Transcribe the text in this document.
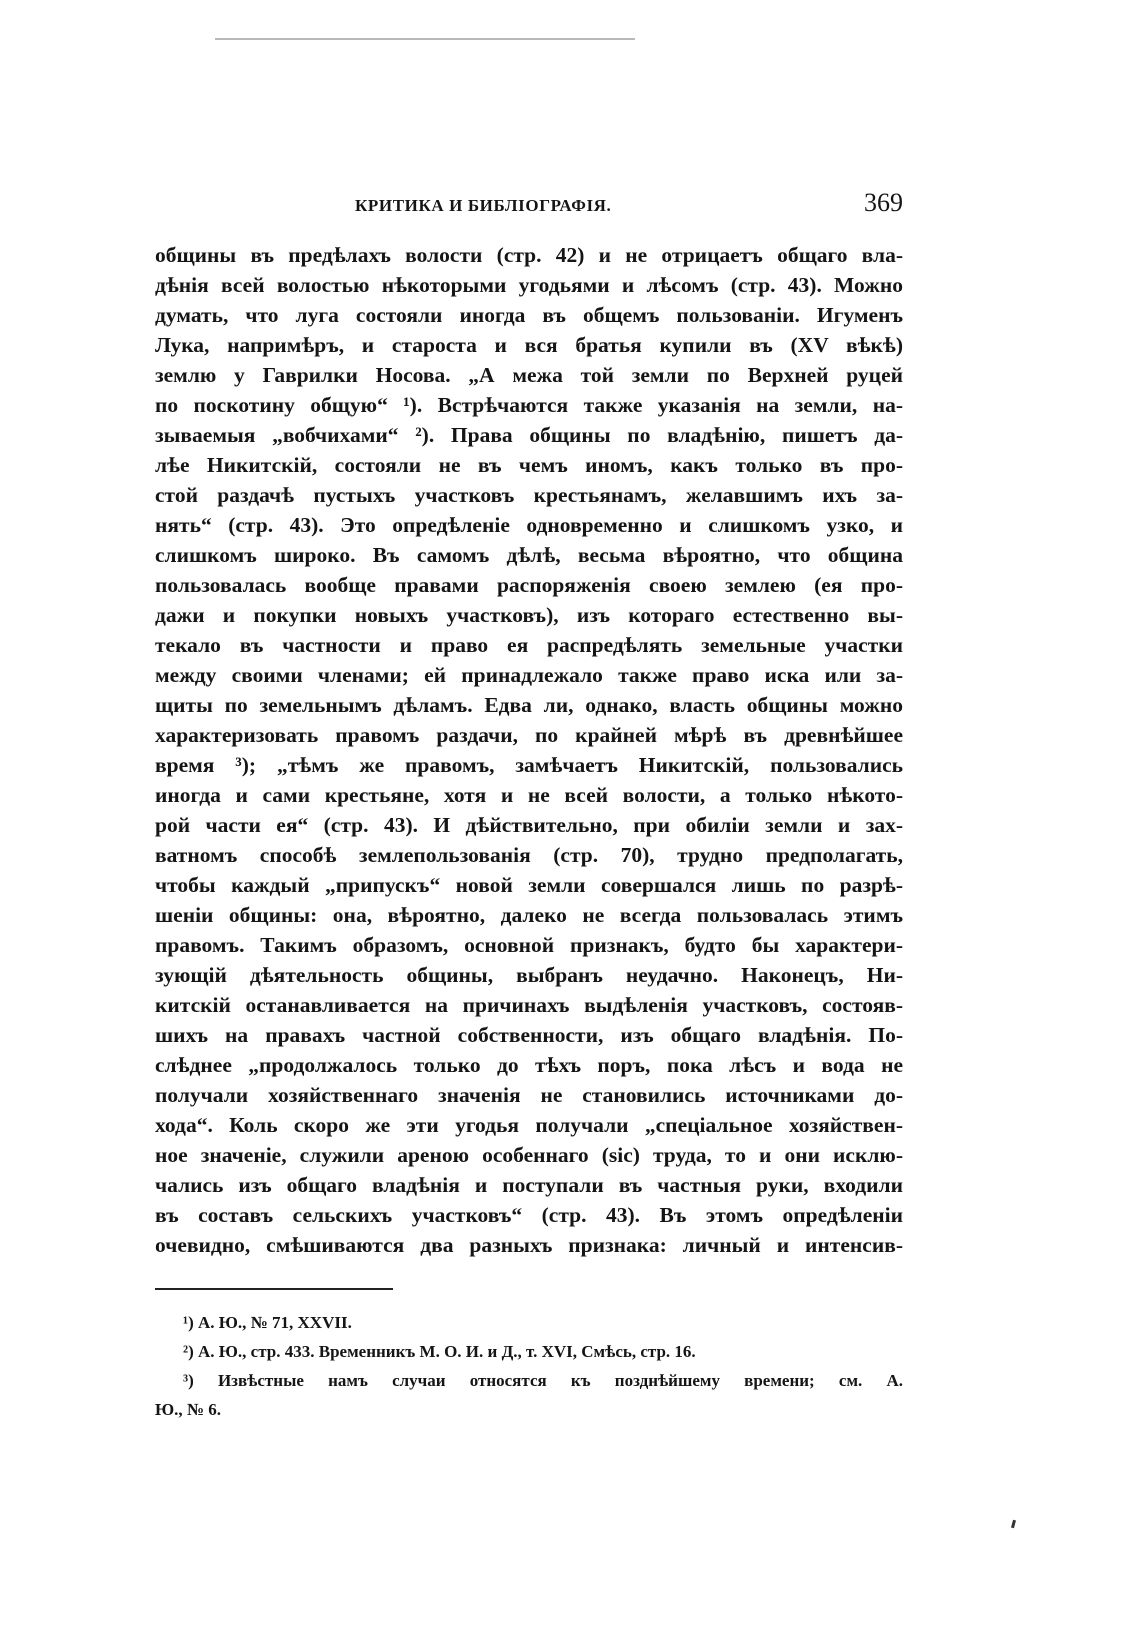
КРИТИКА И БИБЛІОГРАФІЯ.	369
общины въ предѣлахъ волости (стр. 42) и не отрицаетъ общаго вла-
дѣнія всей волостью нѣкоторыми угодьями и лѣсомъ (стр. 43). Можно
думать, что луга состояли иногда въ общемъ пользованіи. Игуменъ
Лука, напримѣръ, и староста и вся братья купили въ (XV вѣкѣ)
землю у Гаврилки Носова. „А межа той земли по Верхней руцей
по поскотину общую“ ¹). Встрѣчаются также указанія на земли, на-
зываемыя „вобчихами“ ²). Права общины по владѣнію, пишетъ да-
лѣе Никитскій, состояли не въ чемъ иномъ, какъ только въ про-
стой раздачѣ пустыхъ участковъ крестьянамъ, желавшимъ ихъ за-
нять“ (стр. 43). Это опредѣленіе одновременно и слишкомъ узко, и
слишкомъ широко. Въ самомъ дѣлѣ, весьма вѣроятно, что община
пользовалась вообще правами распоряженія своею землею (ея про-
дажи и покупки новыхъ участковъ), изъ котораго естественно вы-
текало въ частности и право ея распредѣлять земельные участки
между своими членами; ей принадлежало также право иска или за-
щиты по земельнымъ дѣламъ. Едва ли, однако, власть общины можно
характеризовать правомъ раздачи, по крайней мѣрѣ въ древнѣйшее
время ³); „тѣмъ же правомъ, замѣчаетъ Никитскій, пользовались
иногда и сами крестьяне, хотя и не всей волости, а только нѣкото-
рой части ея“ (стр. 43). И дѣйствительно, при обиліи земли и зах-
ватномъ способѣ землепользованія (стр. 70), трудно предполагать,
чтобы каждый „припускъ“ новой земли совершался лишь по разрѣ-
шеніи общины: она, вѣроятно, далеко не всегда пользовалась этимъ
правомъ. Такимъ образомъ, основной признакъ, будто бы характери-
зующій дѣятельность общины, выбранъ неудачно. Наконецъ, Ни-
китскій останавливается на причинахъ выдѣленія участковъ, состояв-
шихъ на правахъ частной собственности, изъ общаго владѣнія. По-
слѣднее „продолжалось только до тѣхъ поръ, пока лѣсъ и вода не
получали хозяйственнаго значенія не становились источниками до-
хода“. Коль скоро же эти угодья получали „спеціальное хозяйствен-
ное значеніе, служили ареною особеннаго (sic) труда, то и они исклю-
чались изъ общаго владѣнія и поступали въ частныя руки, входили
въ составъ сельскихъ участковъ“ (стр. 43). Въ этомъ опредѣленіи
очевидно, смѣшиваются два разныхъ признака: личный и интенсив-
¹) А. Ю., № 71, XXVII.
²) А. Ю., стр. 433. Временникъ М. О. И. и Д., т. XVI, Смѣсь, стр. 16.
³) Извѣстные намъ случаи относятся къ позднѣйшему времени; см. А.
Ю., № 6.
